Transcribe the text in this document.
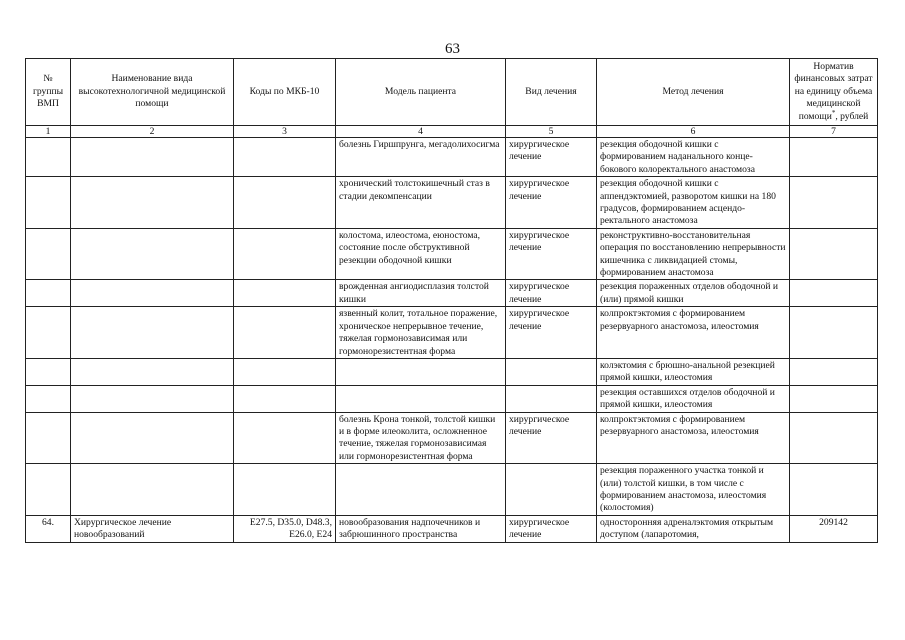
63
№ группы ВМП	Наименование вида высокотехнологичной медицинской помощи	Коды по МКБ-10	Модель пациента	Вид лечения	Метод лечения	Норматив финансовых затрат на единицу объема медицинской помощи*, рублей
1	2	3	4	5	6	7
			болезнь Гиршпрунга, мегадолихосигма	хирургическое лечение	резекция ободочной кишки с формированием наданального конце-бокового колоректального анастомоза	
			хронический толстокишечный стаз в стадии декомпенсации	хирургическое лечение	резекция ободочной кишки с аппендэктомией, разворотом кишки на 180 градусов, формированием асцендо-ректального анастомоза	
			колостома, илеостома, еюностома, состояние после обструктивной резекции ободочной кишки	хирургическое лечение	реконструктивно-восстановительная операция по восстановлению непрерывности кишечника с ликвидацией стомы, формированием анастомоза	
			врожденная ангиодисплазия толстой кишки	хирургическое лечение	резекция пораженных отделов ободочной и (или) прямой кишки	
			язвенный колит, тотальное поражение, хроническое непрерывное течение, тяжелая гормонозависимая или гормонорезистентная форма	хирургическое лечение	колпроктэктомия с формированием резервуарного анастомоза, илеостомия	
					колэктомия с брюшно-анальной резекцией прямой кишки, илеостомия	
					резекция оставшихся отделов ободочной и прямой кишки, илеостомия	
			болезнь Крона тонкой, толстой кишки и в форме илеоколита, осложненное течение, тяжелая гормонозависимая или гормонорезистентная форма	хирургическое лечение	колпроктэктомия с формированием резервуарного анастомоза, илеостомия	
					резекция пораженного участка тонкой и (или) толстой кишки, в том числе с формированием анастомоза, илеостомия (колостомия)	
64.	Хирургическое лечение новообразований	E27.5, D35.0, D48.3, E26.0, E24	новообразования надпочечников и забрюшинного пространства	хирургическое лечение	односторонняя адреналэктомия открытым доступом (лапаротомия,	209142
